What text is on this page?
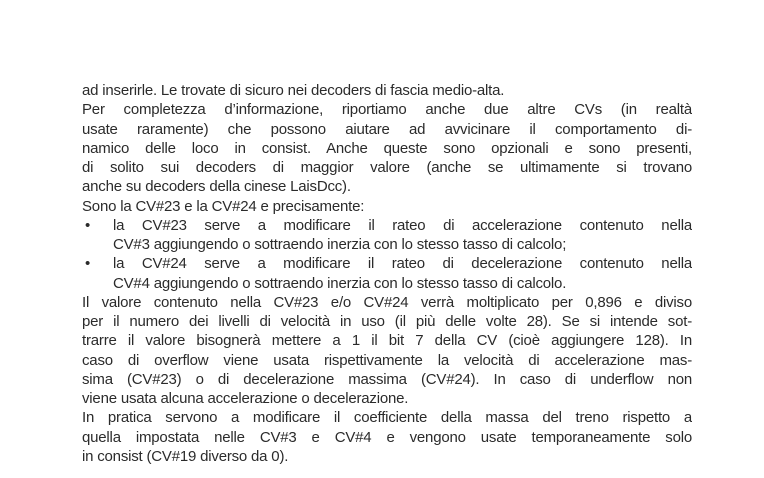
ad inserirle. Le trovate di sicuro nei decoders di fascia medio-alta.
Per completezza d’informazione, riportiamo anche due altre CVs (in realtà
usate raramente) che possono aiutare ad avvicinare il comportamento di-
namico delle loco in consist. Anche queste sono opzionali e sono presenti,
di solito sui decoders di maggior valore (anche se ultimamente si trovano
anche su decoders della cinese LaisDcc).
Sono la CV#23 e la CV#24 e precisamente:
• la CV#23 serve a modificare il rateo di accelerazione contenuto nella
CV#3 aggiungendo o sottraendo inerzia con lo stesso tasso di calcolo;
• la CV#24 serve a modificare il rateo di decelerazione contenuto nella
CV#4 aggiungendo o sottraendo inerzia con lo stesso tasso di calcolo.
Il valore contenuto nella CV#23 e/o CV#24 verrà moltiplicato per 0,896 e diviso
per il numero dei livelli di velocità in uso (il più delle volte 28). Se si intende sot-
trarre il valore bisognerà mettere a 1 il bit 7 della CV (cioè aggiungere 128). In
caso di overflow viene usata rispettivamente la velocità di accelerazione mas-
sima (CV#23) o di decelerazione massima (CV#24). In caso di underflow non
viene usata alcuna accelerazione o decelerazione.
In pratica servono a modificare il coefficiente della massa del treno rispetto a
quella impostata nelle CV#3 e CV#4 e vengono usate temporaneamente solo
in consist (CV#19 diverso da 0).
